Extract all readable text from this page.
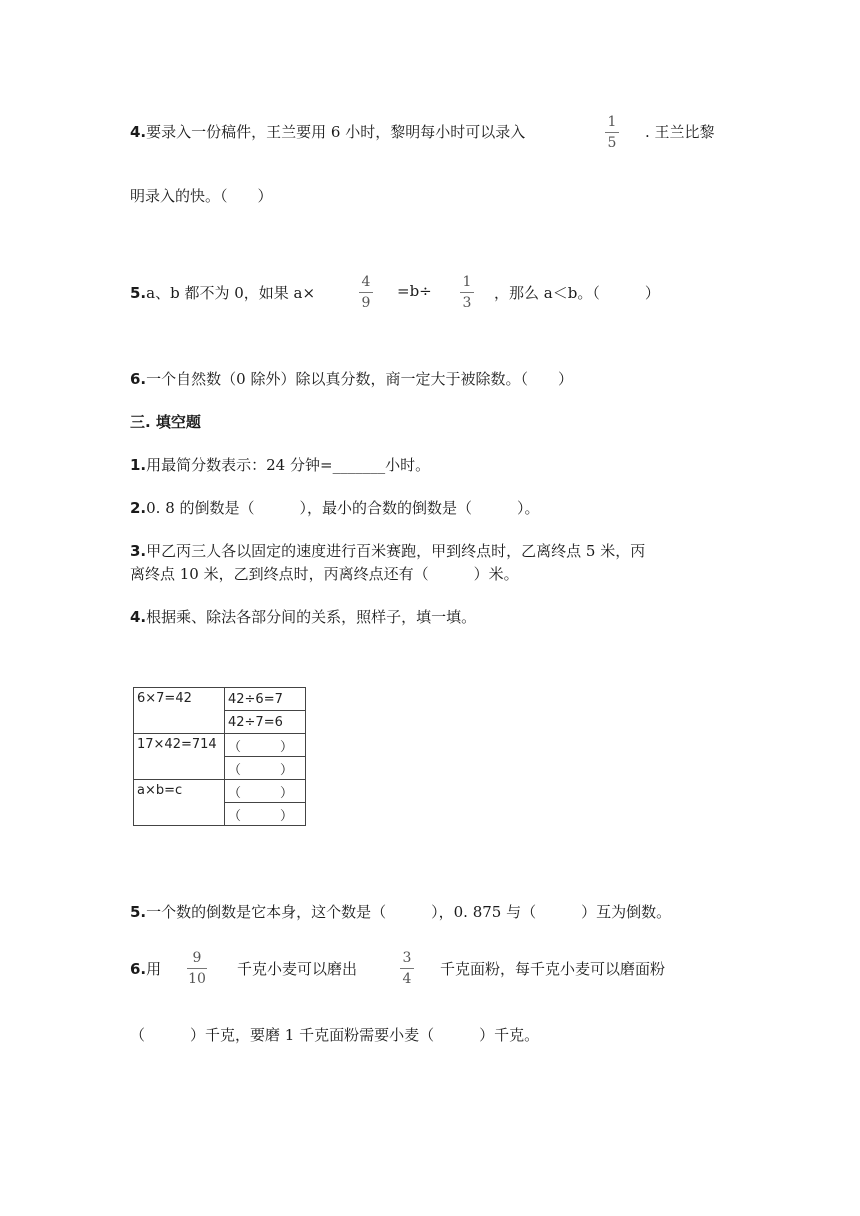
4.要录入一份稿件，王兰要用 6 小时，黎明每小时可以录入
1
5
. 王兰比黎
明录入的快。（　　）
5.a、b 都不为 0，如果 a×
4
9
=b÷ 1
3
，那么 a＜b。（　　　）
6.一个自然数（0 除外）除以真分数，商一定大于被除数。（　　）
三. 填空题
1.用最简分数表示：24 分钟=_______小时。
2.0. 8 的倒数是（　　　），最小的合数的倒数是（　　　）。
3.甲乙丙三人各以固定的速度进行百米赛跑，甲到终点时，乙离终点 5 米，丙
离终点 10 米，乙到终点时，丙离终点还有（　　　）米。
4.根据乘、除法各部分间的关系，照样子，填一填。
6×7=42	42÷6=7
	42÷7=6
17×42=714	（　　　）
	（　　　）
a×b=c	（　　　）
	（　　　）
5.一个数的倒数是它本身，这个数是（　　　），0. 875 与（　　　）互为倒数。
6.用
9
10
千克小麦可以磨出
3
4
千克面粉，每千克小麦可以磨面粉
（　　　）千克，要磨 1 千克面粉需要小麦（　　　）千克。
